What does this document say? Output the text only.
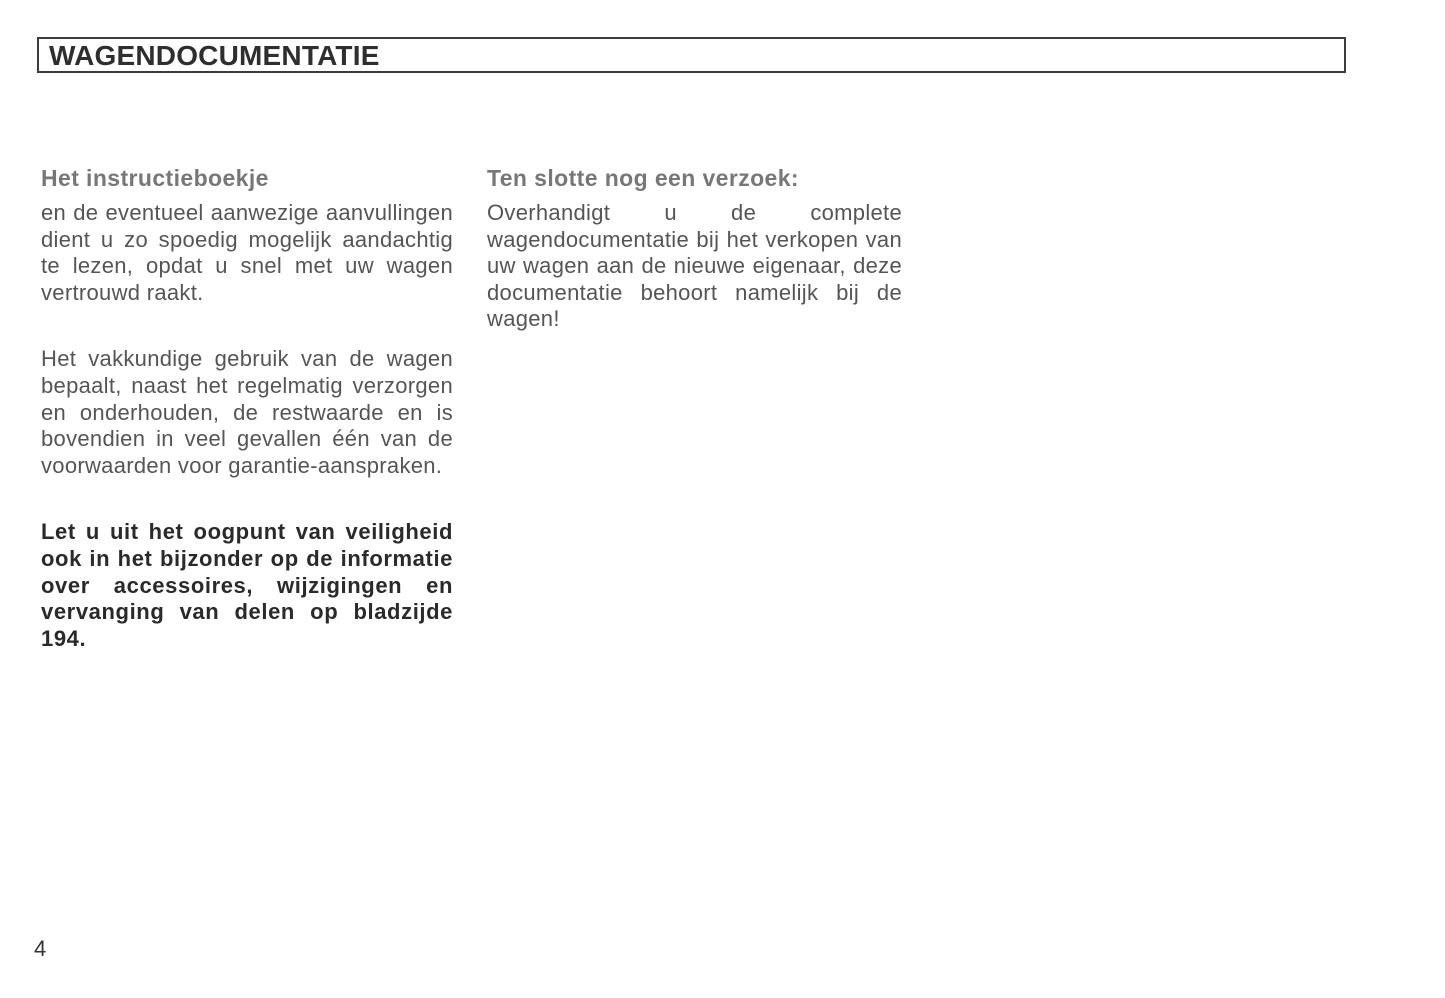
WAGENDOCUMENTATIE
Het instructieboekje

en de eventueel aanwezige aanvullingen dient u zo spoedig mogelijk aandachtig te lezen, opdat u snel met uw wagen vertrouwd raakt.

Het vakkundige gebruik van de wagen bepaalt, naast het regelmatig verzorgen en onderhouden, de restwaarde en is bovendien in veel gevallen één van de voorwaarden voor garantie-aanspraken.

Let u uit het oogpunt van veiligheid ook in het bijzonder op de informatie over accessoires, wijzigingen en vervanging van delen op bladzijde 194.

Ten slotte nog een verzoek:

Overhandigt u de complete wagendocumentatie bij het verkopen van uw wagen aan de nieuwe eigenaar, deze documentatie behoort namelijk bij de wagen!

4
